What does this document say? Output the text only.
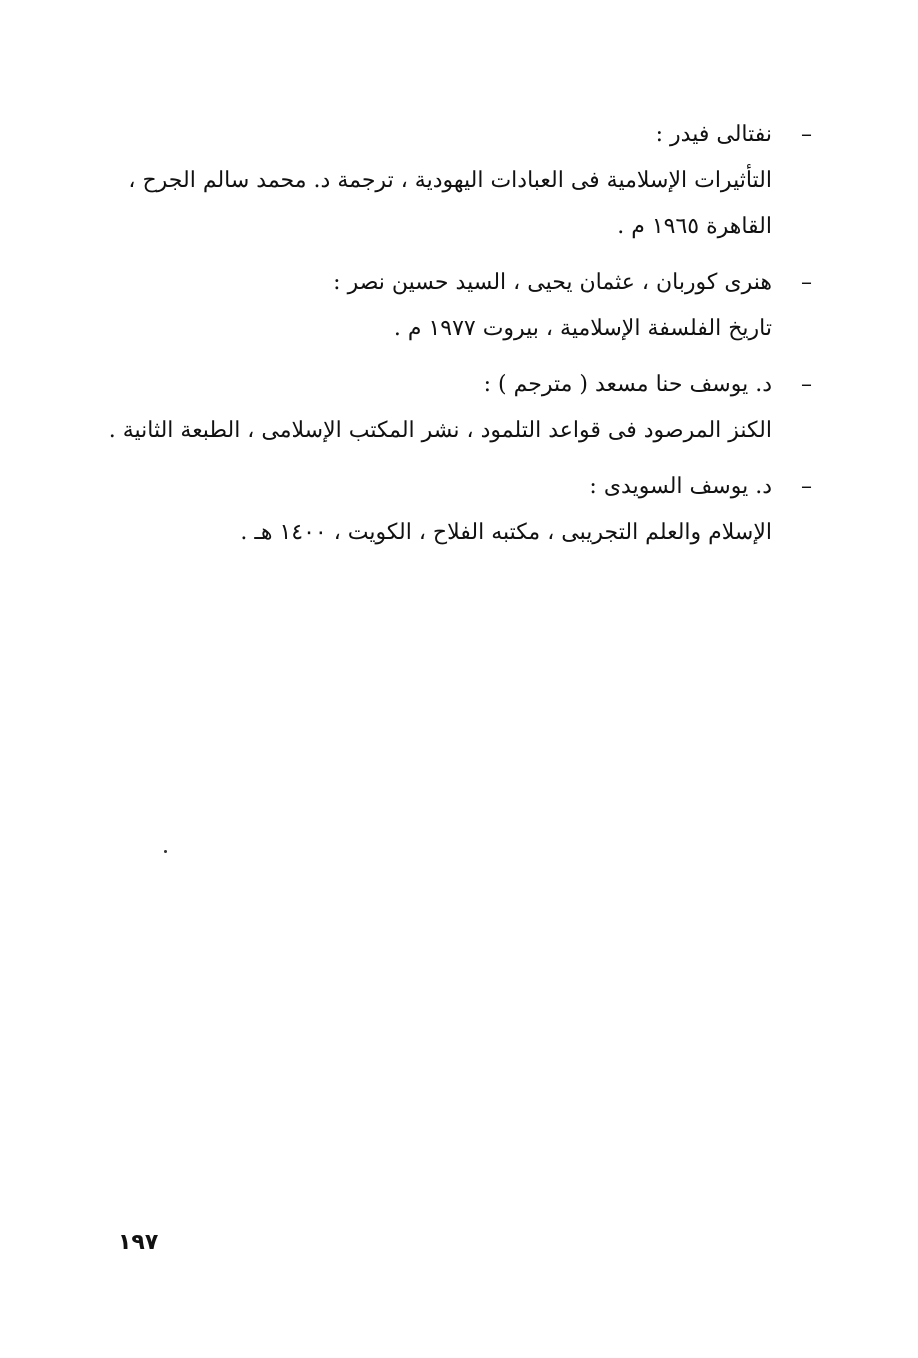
–
نفتالى فيدر :
التأثيرات الإسلامية فى العبادات اليهودية ، ترجمة د. محمد سالم الجرح ،
القاهرة ١٩٦٥ م .
–
هنرى كوربان ، عثمان يحيى ، السيد حسين نصر :
تاريخ الفلسفة الإسلامية ، بيروت ١٩٧٧ م .
–
د. يوسف حنا مسعد ( مترجم ) :
الكنز المرصود فى قواعد التلمود ، نشر المكتب الإسلامى ، الطبعة الثانية .
–
د. يوسف السويدى :
الإسلام والعلم التجريبى ، مكتبه الفلاح ، الكويت ، ١٤٠٠ هـ .
١٩٧
